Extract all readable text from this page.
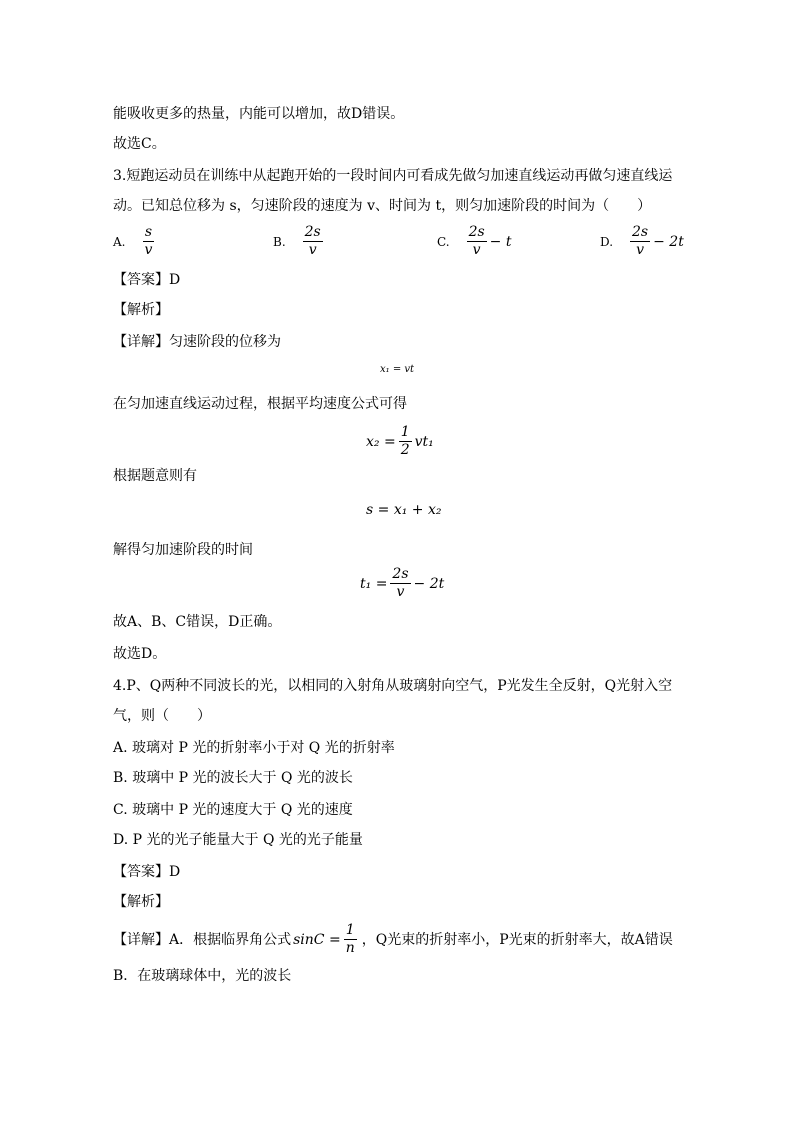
能吸收更多的热量，内能可以增加，故D错误。
故选C。
3.短跑运动员在训练中从起跑开始的一段时间内可看成先做匀加速直线运动再做匀速直线运
动。已知总位移为 s，匀速阶段的速度为 v、时间为 t，则匀加速阶段的时间为（　　）
A. $\frac{s}{v}$	B. $\frac{2s}{v}$	C. $\frac{2s}{v} - t$	D. $\frac{2s}{v} - 2t$
【答案】D
【解析】
【详解】匀速阶段的位移为
x₁ = vt
在匀加速直线运动过程，根据平均速度公式可得
$x_2 = \frac{1}{2} vt_1$
根据题意则有
s = x₁ + x₂
解得匀加速阶段的时间
$t_1 = \frac{2s}{v} - 2t$
故A、B、C错误，D正确。
故选D。
4.P、Q两种不同波长的光，以相同的入射角从玻璃射向空气，P光发生全反射，Q光射入空
气，则（　　）
A. 玻璃对 P 光的折射率小于对 Q 光的折射率
B. 玻璃中 P 光的波长大于 Q 光的波长
C. 玻璃中 P 光的速度大于 Q 光的速度
D. P 光的光子能量大于 Q 光的光子能量
【答案】D
【解析】
【详解】A．根据临界角公式 $\sin C = \frac{1}{n}$ ，Q光束的折射率小，P光束的折射率大，故A错误
B．在玻璃球体中，光的波长
